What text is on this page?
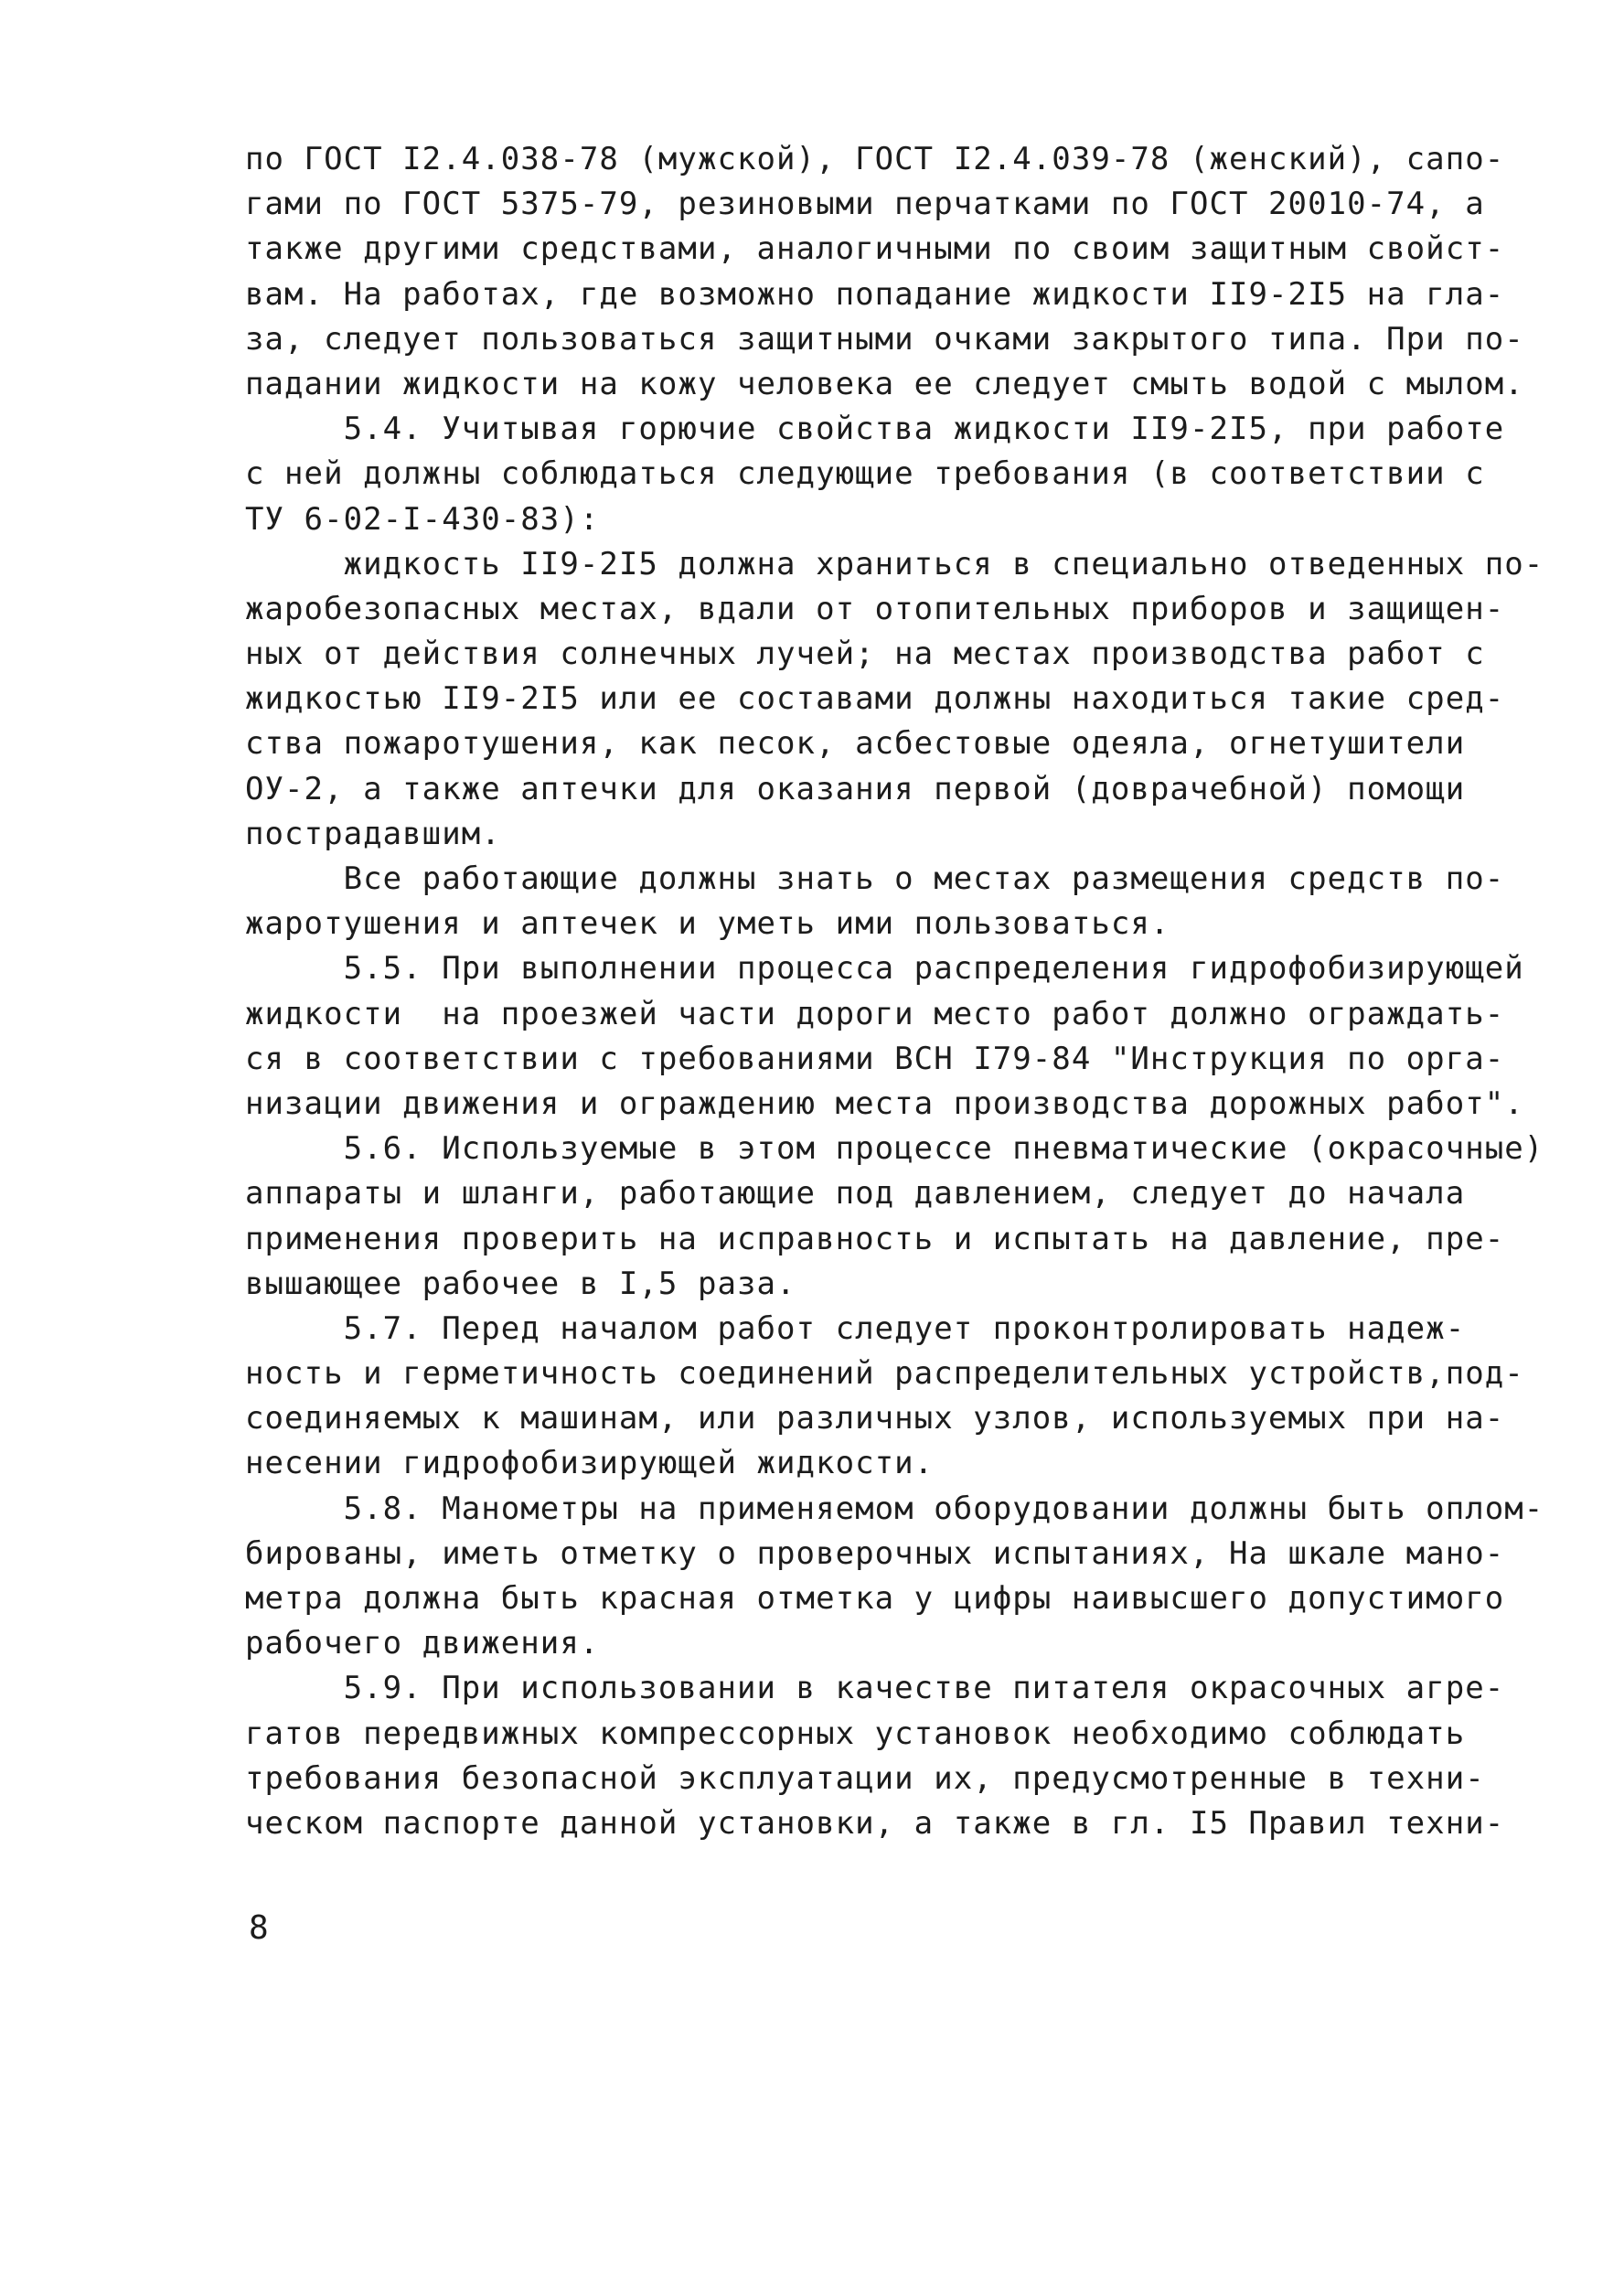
по ГОСТ I2.4.038-78 (мужской), ГОСТ I2.4.039-78 (женский), сапо-
гами по ГОСТ 5375-79, резиновыми перчатками по ГОСТ 20010-74, а
также другими средствами, аналогичными по своим защитным свойст-
вам. На работах, где возможно попадание жидкости II9-2I5 на гла-
за, следует пользоваться защитными очками закрытого типа. При по-
падании жидкости на кожу человека ее следует смыть водой с мылом.
5.4. Учитывая горючие свойства жидкости II9-2I5, при работе
с ней должны соблюдаться следующие требования (в соответствии с
ТУ 6-02-I-430-83):
жидкость II9-2I5 должна храниться в специально отведенных по-
жаробезопасных местах, вдали от отопительных приборов и защищен-
ных от действия солнечных лучей; на местах производства работ с
жидкостью II9-2I5 или ее составами должны находиться такие сред-
ства пожаротушения, как песок, асбестовые одеяла, огнетушители
ОУ-2, а также аптечки для оказания первой (доврачебной) помощи
пострадавшим.
Все работающие должны знать о местах размещения средств по-
жаротушения и аптечек и уметь ими пользоваться.
5.5. При выполнении процесса распределения гидрофобизирующей
жидкости  на проезжей части дороги место работ должно ограждать-
ся в соответствии с требованиями ВСН I79-84 "Инструкция по орга-
низации движения и ограждению места производства дорожных работ".
5.6. Используемые в этом процессе пневматические (окрасочные)
аппараты и шланги, работающие под давлением, следует до начала
применения проверить на исправность и испытать на давление, пре-
вышающее рабочее в I,5 раза.
5.7. Перед началом работ следует проконтролировать надеж-
ность и герметичность соединений распределительных устройств,под-
соединяемых к машинам, или различных узлов, используемых при на-
несении гидрофобизирующей жидкости.
5.8. Манометры на применяемом оборудовании должны быть оплом-
бированы, иметь отметку о проверочных испытаниях, На шкале мано-
метра должна быть красная отметка у цифры наивысшего допустимого
рабочего движения.
5.9. При использовании в качестве питателя окрасочных агре-
гатов передвижных компрессорных установок необходимо соблюдать
требования безопасной эксплуатации их, предусмотренные в техни-
ческом паспорте данной установки, а также в гл. I5 Правил техни-
8
